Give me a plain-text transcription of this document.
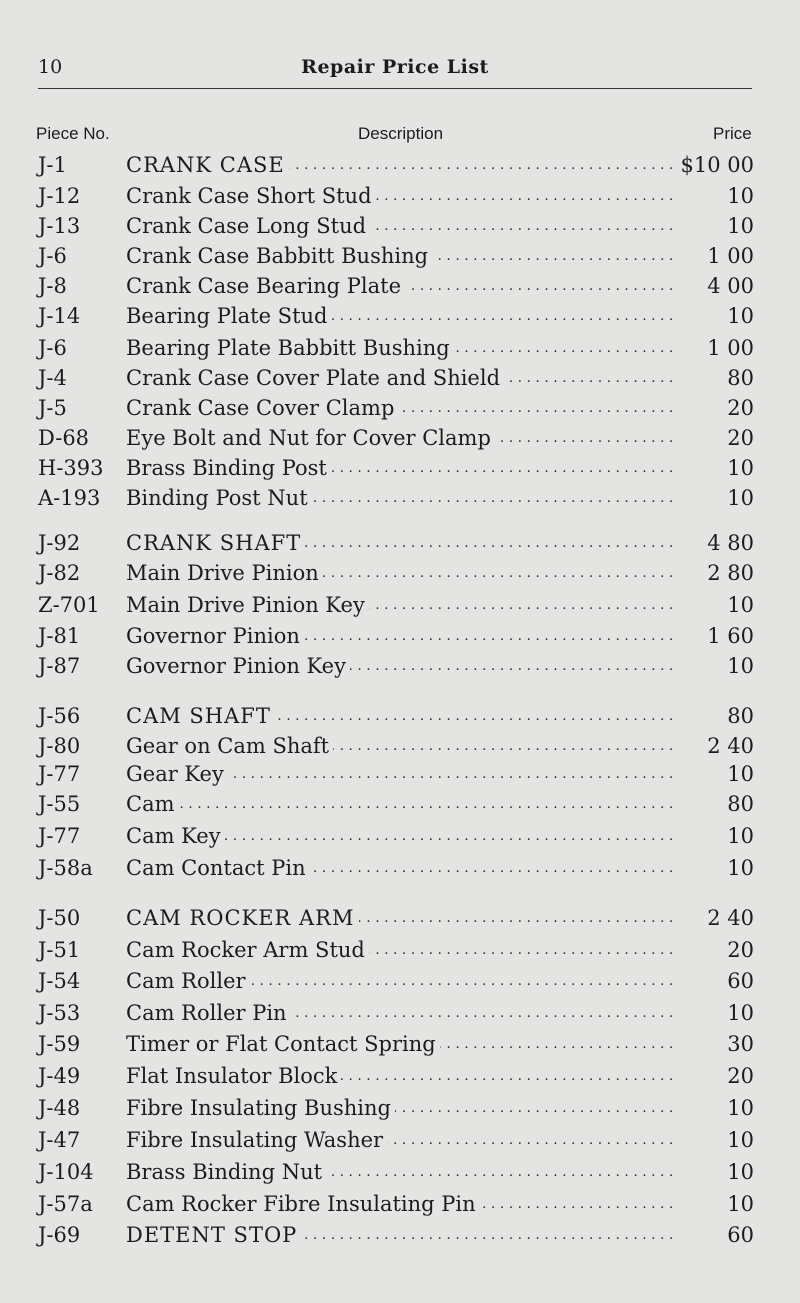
10	Repair Price List
Piece No.	Description	Price
J-1	CRANK CASE . . .	$10 00
J-12	Crank Case Short Stud . . .	10
J-13	Crank Case Long Stud . . .	10
J-6	Crank Case Babbitt Bushing . . .	1 00
J-8	Crank Case Bearing Plate . . .	4 00
J-14	Bearing Plate Stud . . .	10
J-6	Bearing Plate Babbitt Bushing . . .	1 00
J-4	Crank Case Cover Plate and Shield . . .	80
J-5	Crank Case Cover Clamp . . .	20
D-68	Eye Bolt and Nut for Cover Clamp . . .	20
H-393	Brass Binding Post . . .	10
A-193	Binding Post Nut . . .	10
J-92	CRANK SHAFT . . .	4 80
J-82	Main Drive Pinion . . .	2 80
Z-701	Main Drive Pinion Key . . .	10
J-81	Governor Pinion . . .	1 60
J-87	Governor Pinion Key . . .	10
J-56	CAM SHAFT . . .	80
J-80	Gear on Cam Shaft . . .	2 40
J-77	Gear Key . . .	10
J-55	Cam . . .	80
J-77	Cam Key . . .	10
J-58a	Cam Contact Pin . . .	10
J-50	CAM ROCKER ARM . . .	2 40
J-51	Cam Rocker Arm Stud . . .	20
J-54	Cam Roller . . .	60
J-53	Cam Roller Pin . . .	10
J-59	Timer or Flat Contact Spring . . .	30
J-49	Flat Insulator Block . . .	20
J-48	Fibre Insulating Bushing . . .	10
J-47	Fibre Insulating Washer . . .	10
J-104	Brass Binding Nut . . .	10
J-57a	Cam Rocker Fibre Insulating Pin . . .	10
J-69	DETENT STOP . . .	60
